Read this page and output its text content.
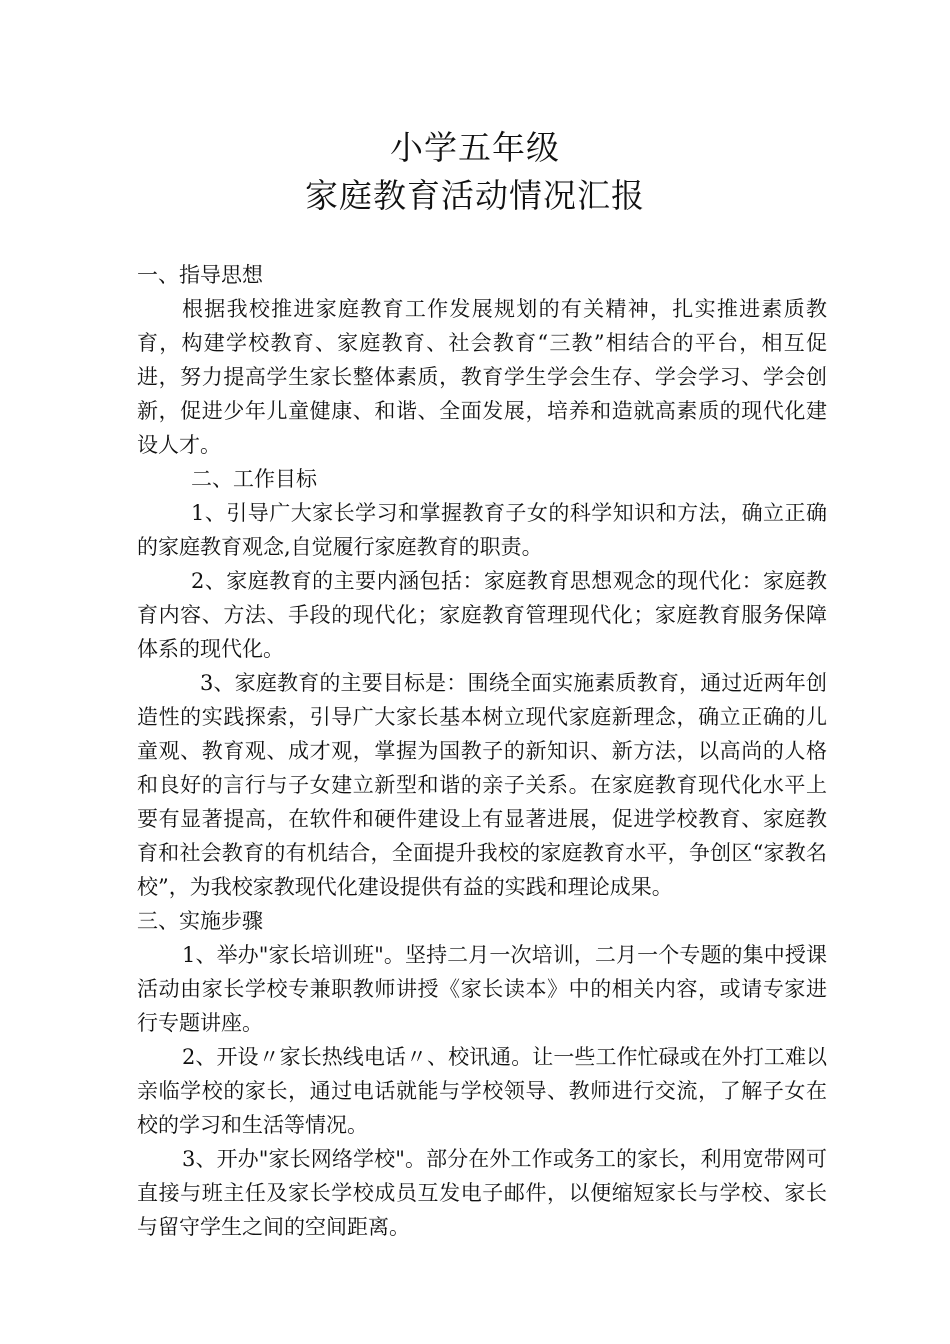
小学五年级
家庭教育活动情况汇报

一、指导思想

根据我校推进家庭教育工作发展规划的有关精神，扎实推进素质教育，构建学校教育、家庭教育、社会教育“三教”相结合的平台，相互促进，努力提高学生家长整体素质，教育学生学会生存、学会学习、学会创新，促进少年儿童健康、和谐、全面发展，培养和造就高素质的现代化建设人才。

二、工作目标

1、引导广大家长学习和掌握教育子女的科学知识和方法，确立正确的家庭教育观念,自觉履行家庭教育的职责。

2、家庭教育的主要内涵包括：家庭教育思想观念的现代化：家庭教育内容、方法、手段的现代化；家庭教育管理现代化；家庭教育服务保障体系的现代化。

3、家庭教育的主要目标是：围绕全面实施素质教育，通过近两年创造性的实践探索，引导广大家长基本树立现代家庭新理念，确立正确的儿童观、教育观、成才观，掌握为国教子的新知识、新方法，以高尚的人格和良好的言行与子女建立新型和谐的亲子关系。在家庭教育现代化水平上要有显著提高，在软件和硬件建设上有显著进展，促进学校教育、家庭教育和社会教育的有机结合，全面提升我校的家庭教育水平，争创区“家教名校”，为我校家教现代化建设提供有益的实践和理论成果。

三、实施步骤

1、举办"家长培训班"。坚持二月一次培训，二月一个专题的集中授课活动由家长学校专兼职教师讲授《家长读本》中的相关内容，或请专家进行专题讲座。

2、开设〃家长热线电话〃、校讯通。让一些工作忙碌或在外打工难以亲临学校的家长，通过电话就能与学校领导、教师进行交流，了解子女在校的学习和生活等情况。

3、开办"家长网络学校"。部分在外工作或务工的家长，利用宽带网可直接与班主任及家长学校成员互发电子邮件，以便缩短家长与学校、家长与留守学生之间的空间距离。
